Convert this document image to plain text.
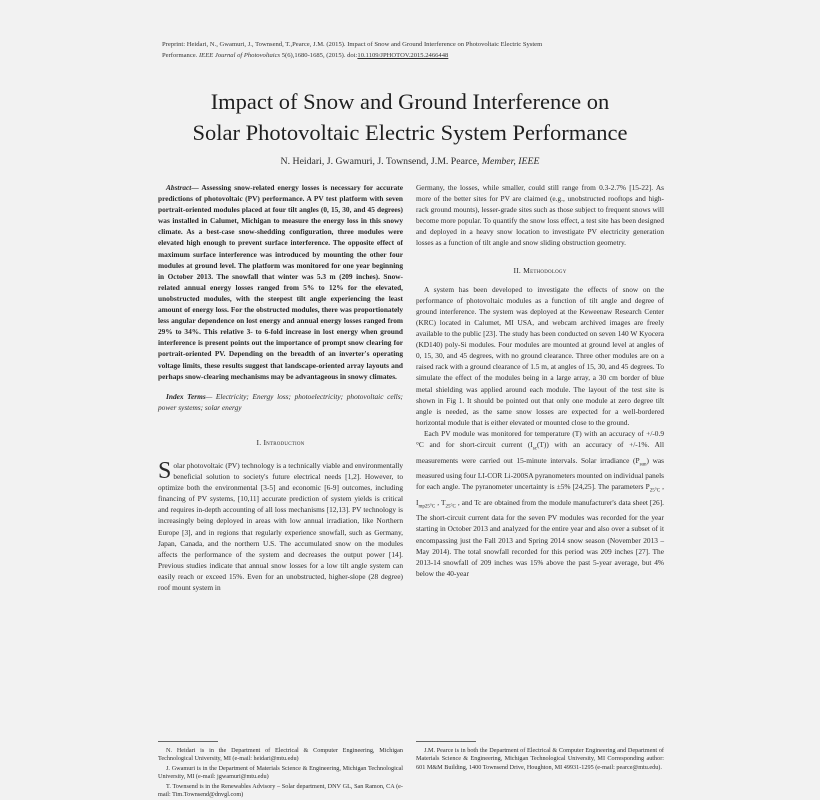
Preprint: Heidari, N., Gwamuri, J., Townsend, T.,Pearce, J.M. (2015). Impact of Snow and Ground Interference on Photovoltaic Electric System
Performance. IEEE Journal of Photovoltaics 5(6),1680-1685, (2015). doi:10.1109/JPHOTOV.2015.2466448
Impact of Snow and Ground Interference on
Solar Photovoltaic Electric System Performance
N. Heidari, J. Gwamuri, J. Townsend, J.M. Pearce, Member, IEEE

Abstract— Assessing snow-related energy losses is necessary for accurate predictions of photovoltaic (PV) performance. A PV test platform with seven portrait-oriented modules placed at four tilt angles (0, 15, 30, and 45 degrees) was installed in Calumet, Michigan to measure the energy loss in this snowy climate. As a best-case snow-shedding configuration, three modules were elevated high enough to prevent surface interference. The opposite effect of maximum surface interference was introduced by mounting the other four modules at ground level. The platform was monitored for one year beginning in October 2013. The snowfall that winter was 5.3 m (209 inches). Snow-related annual energy losses ranged from 5% to 12% for the elevated, unobstructed modules, with the steepest tilt angle experiencing the least amount of energy loss. For the obstructed modules, there was proportionately less angular dependence on lost energy and annual energy losses ranged from 29% to 34%. This relative 3- to 6-fold increase in lost energy when ground interference is present points out the importance of prompt snow clearing for portrait-oriented PV. Depending on the breadth of an inverter's operating voltage limits, these results suggest that landscape-oriented array layouts and perhaps snow-clearing mechanisms may be advantageous in snowy climates.

Index Terms— Electricity; Energy loss; photoelectricity; photovoltaic cells; power systems; solar energy

I. Introduction

Solar photovoltaic (PV) technology is a technically viable and environmentally beneficial solution to society's future electrical needs [1,2]. However, to optimize both the environmental [3-5] and economic [6-9] outcomes, including financing of PV systems, [10,11] accurate prediction of system yields is critical and requires in-depth accounting of all loss mechanisms [12,13]. PV technology is increasingly being deployed in areas with low annual irradiation, like Northern Europe [3], and in regions that regularly experience snowfall, such as Germany, Japan, Canada, and the northern U.S. The accumulated snow on the modules affects the performance of the system and decreases the output power [14]. Previous studies indicate that annual snow losses for a low tilt angle system can easily reach or exceed 15%. Even for an unobstructed, higher-slope (28 degree) roof mount system in

Germany, the losses, while smaller, could still range from 0.3-2.7% [15-22]. As more of the better sites for PV are claimed (e.g., unobstructed rooftops and high-rack ground mounts), lesser-grade sites such as those subject to frequent snows will become more popular. To quantify the snow loss effect, a test site has been designed and deployed in a heavy snow location to investigate PV electricity generation losses as a function of tilt angle and snow sliding obstruction geometry.

II. Methodology

A system has been developed to investigate the effects of snow on the performance of photovoltaic modules as a function of tilt angle and degree of ground interference. The system was deployed at the Keweenaw Research Center (KRC) located in Calumet, MI USA, and webcam archived images are freely available to the public [23]. The study has been conducted on seven 140 W Kyocera (KD140) poly-Si modules. Four modules are mounted at ground level at angles of 0, 15, 30, and 45 degrees, with no ground clearance. Three other modules are on a raised rack with a ground clearance of 1.5 m, at angles of 15, 30, and 45 degrees. To simulate the effect of the modules being in a large array, a 30 cm border of blue metal shielding was applied around each module. The layout of the test site is shown in Fig 1. It should be pointed out that only one module at zero degree tilt angle is needed, as the same snow losses are expected for a well-bordered horizontal module that is either elevated or mounted close to the ground.

Each PV module was monitored for temperature (T) with an accuracy of +/-0.9 °C and for short-circuit current $(I_{sc}(T))$ with an accuracy of +/-1%. All measurements were carried out 15-minute intervals. Solar irradiance $(P_{sun})$ was measured using four LI-COR Li-200SA pyranometers mounted on individual panels for each angle. The pyranometer uncertainty is ±5% [24,25]. The parameters $P_{25^\circ C}$ , $I_{mp25^\circ C}$ , $T_{25^\circ C}$ , and Tc are obtained from the module manufacturer's data sheet [26]. The short-circuit current data for the seven PV modules was recorded for the year starting in October 2013 and analyzed for the entire year and also over a subset of it encompassing just the Fall 2013 and Spring 2014 snow season (November 2013 – May 2014). The total snowfall recorded for this period was 209 inches [27]. The 2013-14 snowfall of 209 inches was 15% above the past 5-year average, but 4% below the 40-year

N. Heidari is in the Department of Electrical & Computer Engineering, Michigan Technological University, MI (e-mail: heidari@mtu.edu)

J. Gwamuri is in the Department of Materials Science & Engineering, Michigan Technological University, MI (e-mail: jgwamuri@mtu.edu)

T. Townsend is in the Renewables Advisory – Solar department, DNV GL, San Ramon, CA (e-mail: Tim.Townsend@dnvgl.com)

J.M. Pearce is in both the Department of Electrical & Computer Engineering and Department of Materials Science & Engineering, Michigan Technological University, MI Corresponding author: 601 M&M Building, 1400 Townsend Drive, Houghton, MI 49931-1295 (e-mail: pearce@mtu.edu).
